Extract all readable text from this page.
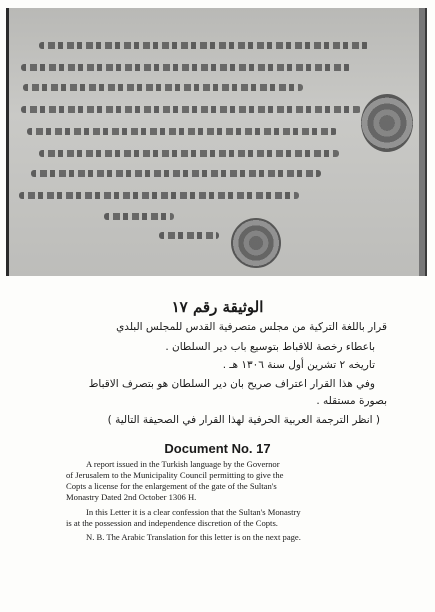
الوثيقة رقم ١٧
قرار باللغة التركية من مجلس متصرفية القدس للمجلس البلدي
باعطاء رخصة للاقباط بتوسيع باب دير السلطان .
تاريخه ٢ تشرين أول سنة ١٣٠٦ هـ .
وفي هذا القرار اعتراف صريح بان دير السلطان هو بتصرف الاقباط
بصورة مستقله .
( انظر الترجمة العربية الحرفية لهذا القرار في الصحيفة التالية )
Document No. 17
A report issued in the Turkish language by the Governor
of Jerusalem to the Municipality Council permitting to give the
Copts a license for the enlargement of the gate of the Sultan's
Monastry Dated 2nd October 1306 H.
In this Letter it is a clear confession that the Sultan's Monastry
is at the possession and independence discretion of the Copts.
N. B. The Arabic Translation for this letter is on the next page.
